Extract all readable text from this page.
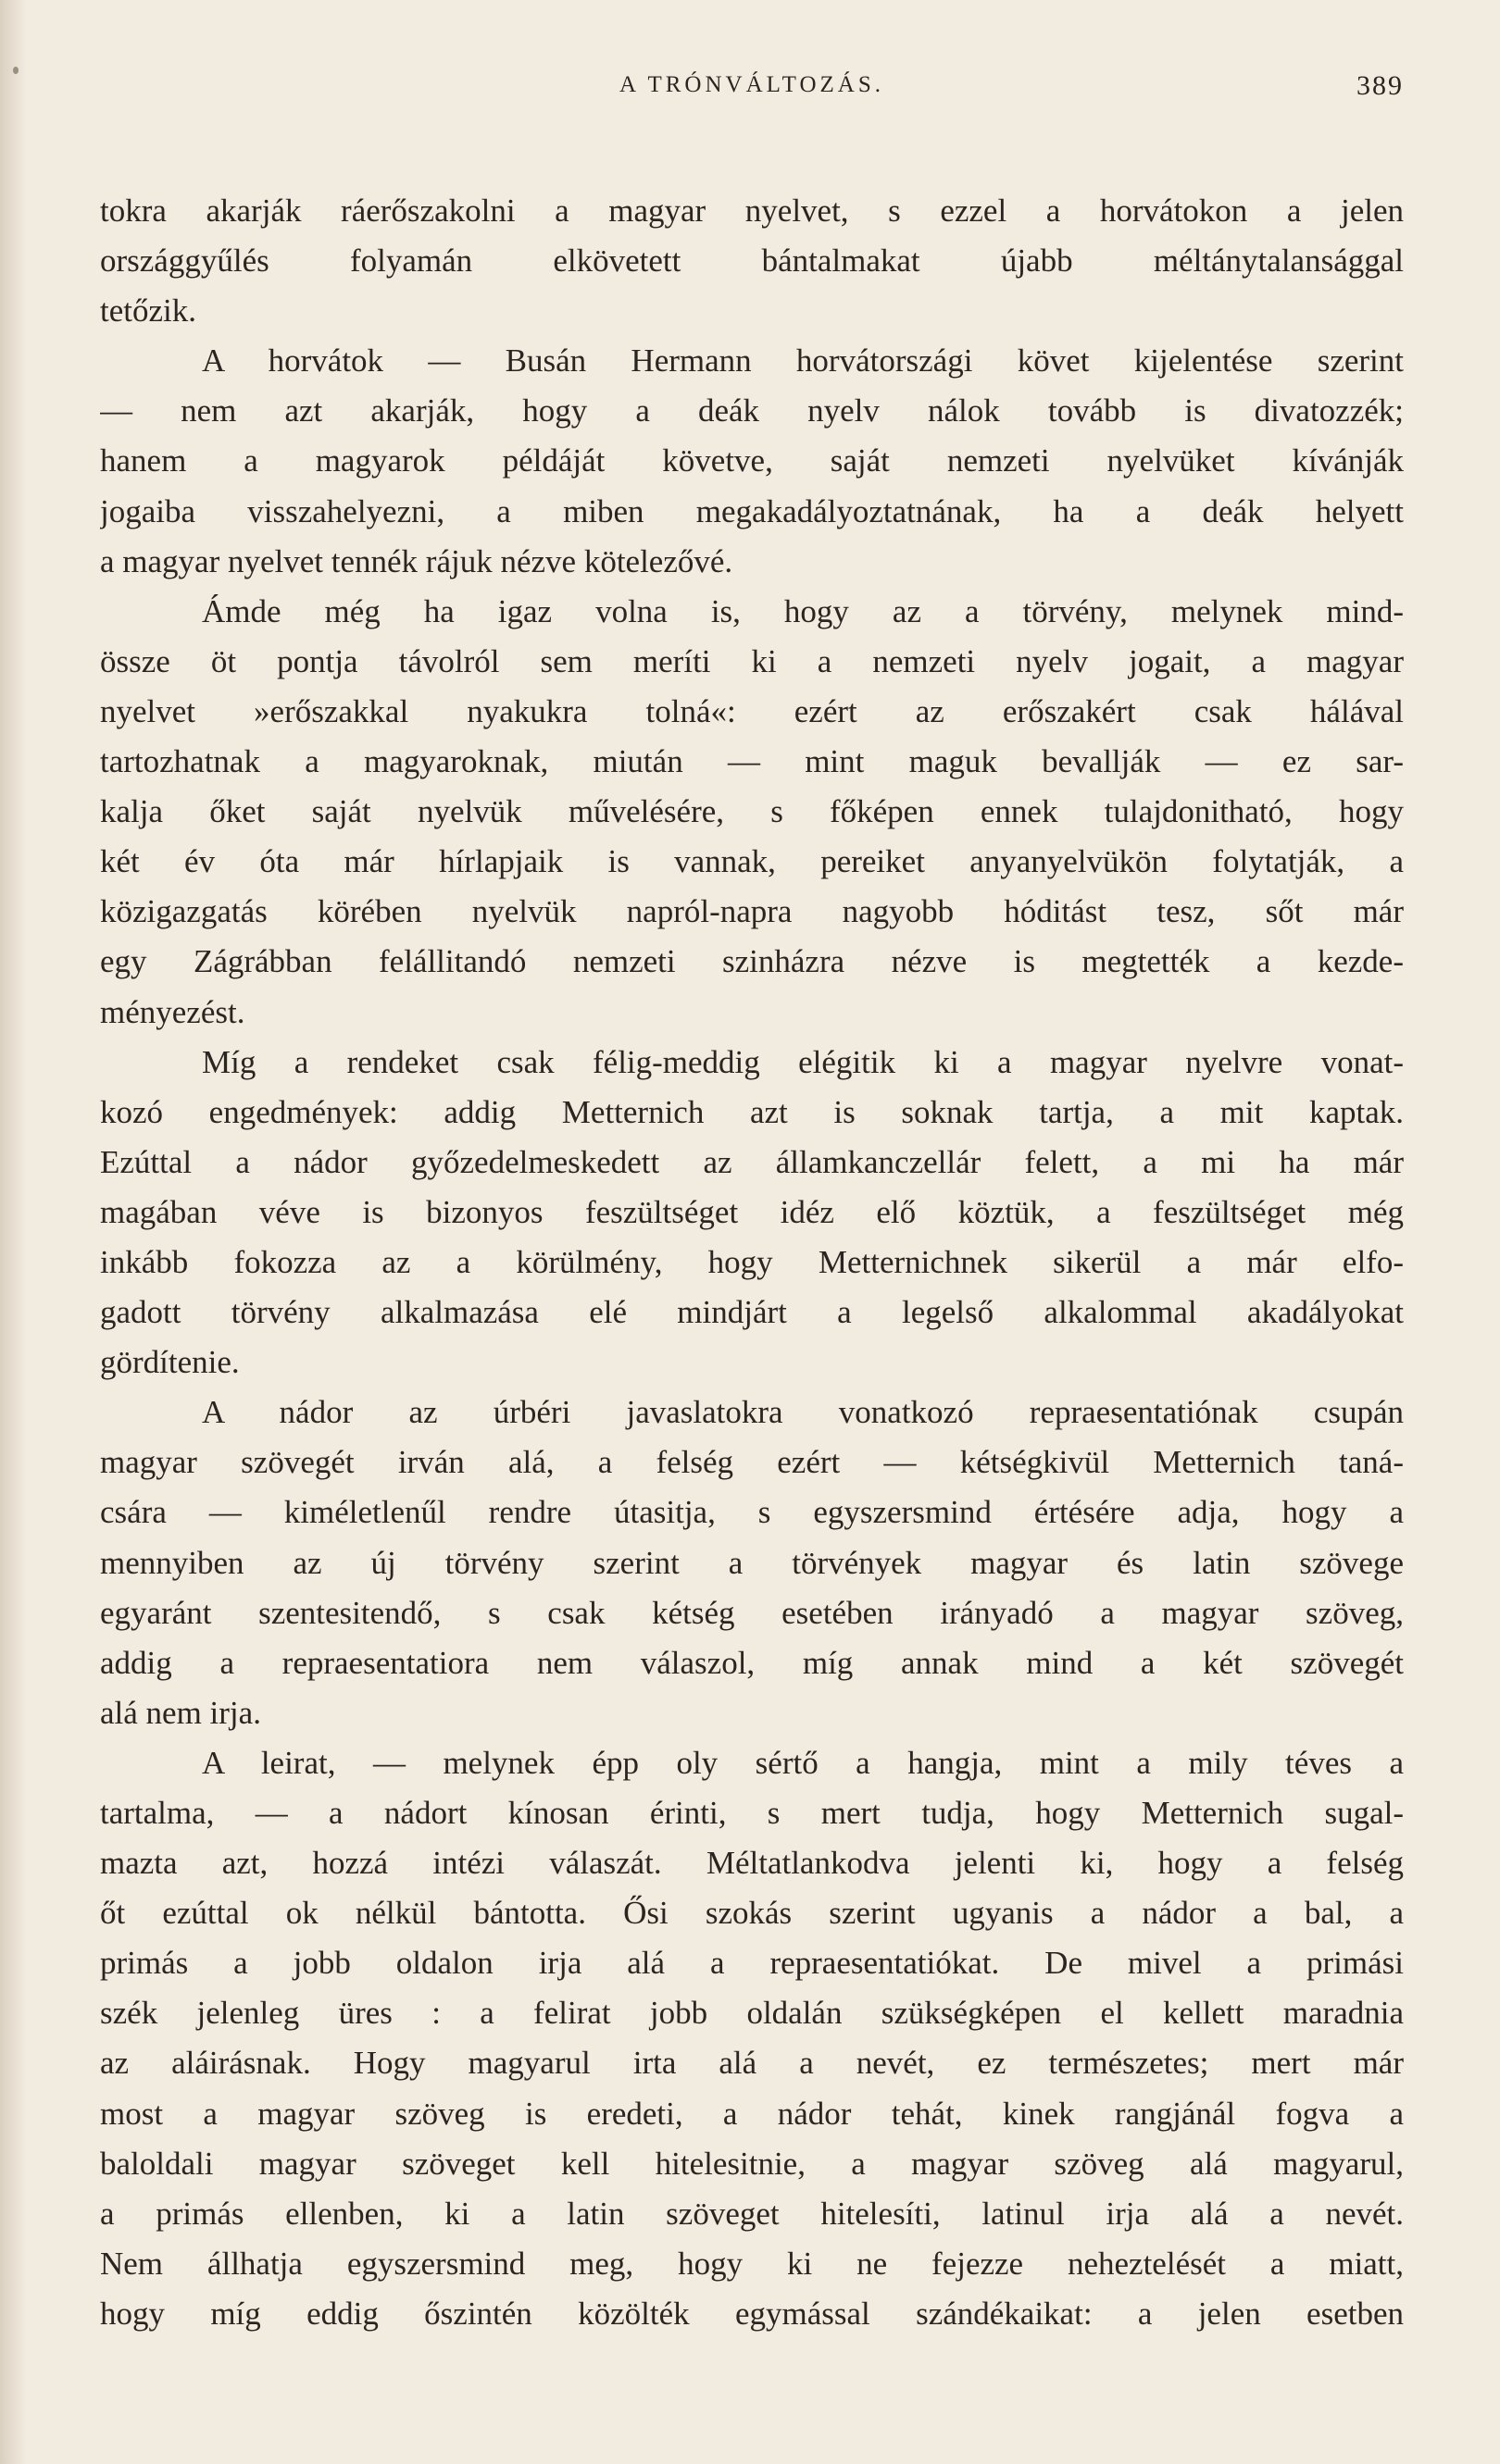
A TRÓNVÁLTOZÁS.	389
tokra akarják ráerőszakolni a magyar nyelvet, s ezzel a horvátokon a jelen
országgyűlés folyamán elkövetett bántalmakat újabb méltánytalansággal
tetőzik.
A horvátok — Busán Hermann horvátországi követ kijelentése szerint
— nem azt akarják, hogy a deák nyelv nálok tovább is divatozzék;
hanem a magyarok példáját követve, saját nemzeti nyelvüket kívánják
jogaiba visszahelyezni, a miben megakadályoztatnának, ha a deák helyett
a magyar nyelvet tennék rájuk nézve kötelezővé.
Ámde még ha igaz volna is, hogy az a törvény, melynek mind-
össze öt pontja távolról sem meríti ki a nemzeti nyelv jogait, a magyar
nyelvet »erőszakkal nyakukra tolná«: ezért az erőszakért csak hálával
tartozhatnak a magyaroknak, miután — mint maguk bevallják — ez sar-
kalja őket saját nyelvük művelésére, s főképen ennek tulajdonitható, hogy
két év óta már hírlapjaik is vannak, pereiket anyanyelvükön folytatják, a
közigazgatás körében nyelvük napról-napra nagyobb hóditást tesz, sőt már
egy Zágrábban felállitandó nemzeti szinházra nézve is megtették a kezde-
ményezést.
Míg a rendeket csak félig-meddig elégitik ki a magyar nyelvre vonat-
kozó engedmények: addig Metternich azt is soknak tartja, a mit kaptak.
Ezúttal a nádor győzedelmeskedett az államkanczellár felett, a mi ha már
magában véve is bizonyos feszültséget idéz elő köztük, a feszültséget még
inkább fokozza az a körülmény, hogy Metternichnek sikerül a már elfo-
gadott törvény alkalmazása elé mindjárt a legelső alkalommal akadályokat
gördítenie.
A nádor az úrbéri javaslatokra vonatkozó repraesentatiónak csupán
magyar szövegét irván alá, a felség ezért — kétségkivül Metternich taná-
csára — kiméletlenűl rendre útasitja, s egyszersmind értésére adja, hogy a
mennyiben az új törvény szerint a törvények magyar és latin szövege
egyaránt szentesitendő, s csak kétség esetében irányadó a magyar szöveg,
addig a repraesentatiora nem válaszol, míg annak mind a két szövegét
alá nem irja.
A leirat, — melynek épp oly sértő a hangja, mint a mily téves a
tartalma, — a nádort kínosan érinti, s mert tudja, hogy Metternich sugal-
mazta azt, hozzá intézi válaszát. Méltatlankodva jelenti ki, hogy a felség
őt ezúttal ok nélkül bántotta. Ősi szokás szerint ugyanis a nádor a bal, a
primás a jobb oldalon irja alá a repraesentatiókat. De mivel a primási
szék jelenleg üres : a felirat jobb oldalán szükségképen el kellett maradnia
az aláirásnak. Hogy magyarul irta alá a nevét, ez természetes; mert már
most a magyar szöveg is eredeti, a nádor tehát, kinek rangjánál fogva a
baloldali magyar szöveget kell hitelesitnie, a magyar szöveg alá magyarul,
a primás ellenben, ki a latin szöveget hitelesíti, latinul irja alá a nevét.
Nem állhatja egyszersmind meg, hogy ki ne fejezze neheztelését a miatt,
hogy míg eddig őszintén közölték egymással szándékaikat: a jelen esetben
